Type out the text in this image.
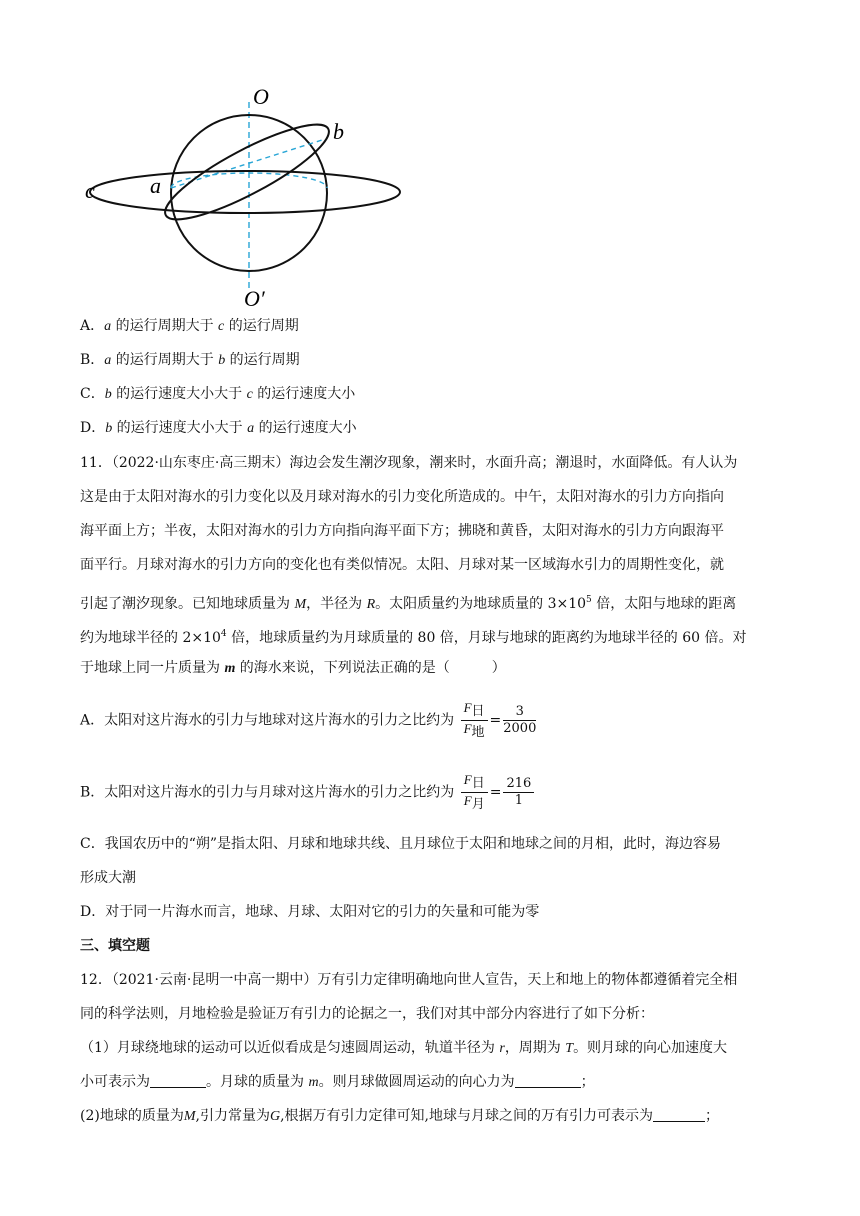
O
O′
b
c	a
A．a 的运行周期大于 c 的运行周期
B．a 的运行周期大于 b 的运行周期
C．b 的运行速度大小大于 c 的运行速度大小
D．b 的运行速度大小大于 a 的运行速度大小
11．（2022·山东枣庄·高三期末）海边会发生潮汐现象，潮来时，水面升高；潮退时，水面降低。有人认为
这是由于太阳对海水的引力变化以及月球对海水的引力变化所造成的。中午，太阳对海水的引力方向指向
海平面上方；半夜，太阳对海水的引力方向指向海平面下方；拂晓和黄昏，太阳对海水的引力方向跟海平
面平行。月球对海水的引力方向的变化也有类似情况。太阳、月球对某一区域海水引力的周期性变化，就
引起了潮汐现象。已知地球质量为 M，半径为 R。太阳质量约为地球质量的 $3\times 10^5$ 倍，太阳与地球的距离
约为地球半径的 $2\times 10^4$ 倍，地球质量约为月球质量的 80 倍，月球与地球的距离约为地球半径的 60 倍。对
于地球上同一片质量为 m 的海水来说，下列说法正确的是（　　　）
A．太阳对这片海水的引力与地球对这片海水的引力之比约为 $\frac{\text{F日}}{\text{F地}} = \frac{3}{2000}$
B．太阳对这片海水的引力与月球对这片海水的引力之比约为 $\frac{\text{F日}}{\text{F月}} = \frac{216}{1}$
C．我国农历中的“朔”是指太阳、月球和地球共线、且月球位于太阳和地球之间的月相，此时，海边容易
形成大潮
D．对于同一片海水而言，地球、月球、太阳对它的引力的矢量和可能为零
三、填空题
12．（2021·云南·昆明一中高一期中）万有引力定律明确地向世人宣告，天上和地上的物体都遵循着完全相
同的科学法则，月地检验是验证万有引力的论据之一，我们对其中部分内容进行了如下分析：
（1）月球绕地球的运动可以近似看成是匀速圆周运动，轨道半径为 r，周期为 T。则月球的向心加速度大
小可表示为	。月球的质量为 m。则月球做圆周运动的向心力为	；
(2)地球的质量为M,引力常量为G,根据万有引力定律可知,地球与月球之间的万有引力可表示为	；
